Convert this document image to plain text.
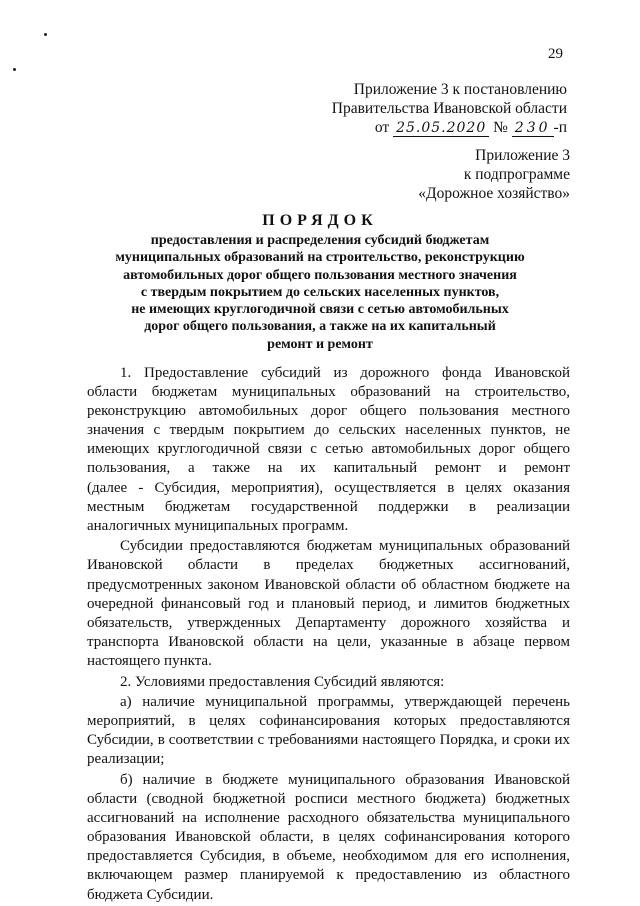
29
Приложение 3 к постановлению
Правительства Ивановской области
от 25.05.2020 № 230 -п
Приложение 3
к подпрограмме
«Дорожное хозяйство»
ПОРЯДОК
предоставления и распределения субсидий бюджетам
муниципальных образований на строительство, реконструкцию
автомобильных дорог общего пользования местного значения
с твердым покрытием до сельских населенных пунктов,
не имеющих круглогодичной связи с сетью автомобильных
дорог общего пользования, а также на их капитальный
ремонт и ремонт
1. Предоставление субсидий из дорожного фонда Ивановской
области бюджетам муниципальных образований на строительство,
реконструкцию автомобильных дорог общего пользования местного
значения с твердым покрытием до сельских населенных пунктов, не
имеющих круглогодичной связи с сетью автомобильных дорог общего
пользования, а также на их капитальный ремонт и ремонт
(далее - Субсидия, мероприятия), осуществляется в целях оказания
местным бюджетам государственной поддержки в реализации
аналогичных муниципальных программ.
Субсидии предоставляются бюджетам муниципальных образований
Ивановской области в пределах бюджетных ассигнований,
предусмотренных законом Ивановской области об областном бюджете на
очередной финансовый год и плановый период, и лимитов бюджетных
обязательств, утвержденных Департаменту дорожного хозяйства и
транспорта Ивановской области на цели, указанные в абзаце первом
настоящего пункта.
2. Условиями предоставления Субсидий являются:
а) наличие муниципальной программы, утверждающей перечень
мероприятий, в целях софинансирования которых предоставляются
Субсидии, в соответствии с требованиями настоящего Порядка, и сроки их
реализации;
б) наличие в бюджете муниципального образования Ивановской
области (сводной бюджетной росписи местного бюджета) бюджетных
ассигнований на исполнение расходного обязательства муниципального
образования Ивановской области, в целях софинансирования которого
предоставляется Субсидия, в объеме, необходимом для его исполнения,
включающем размер планируемой к предоставлению из областного
бюджета Субсидии.
